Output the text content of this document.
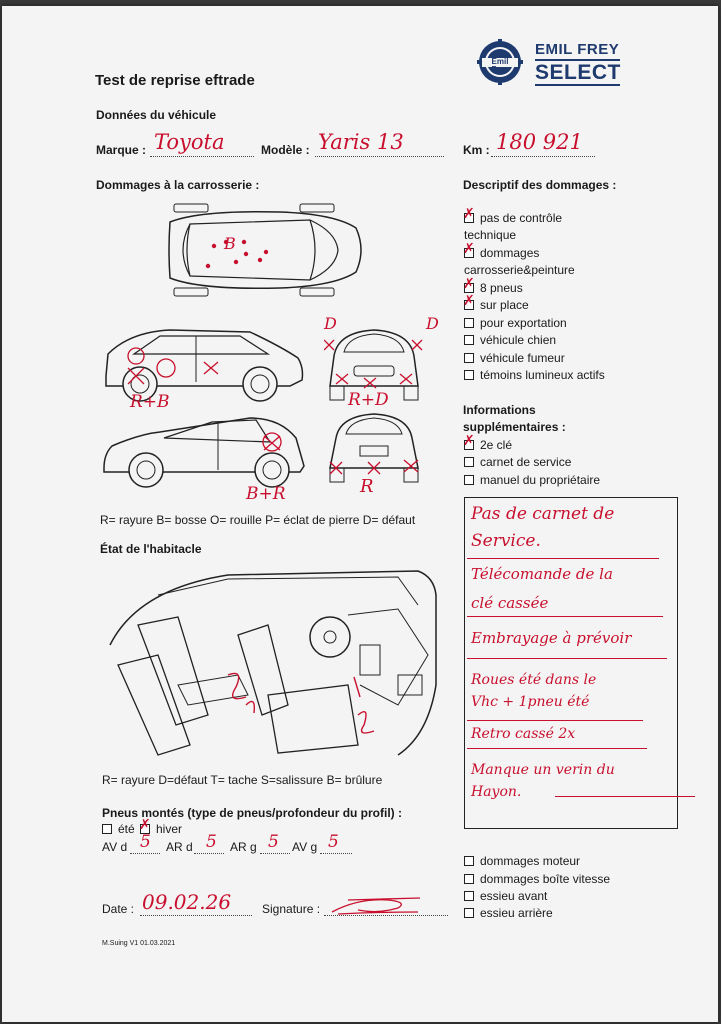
Test de reprise eftrade
Emil Frey
EMIL FREY
SELECT
Données du véhicule
Marque : Toyota	Modèle : Yaris 13	Km : 180 921
Dommages à la carrosserie :
B
R+B
D	D
R+D
B+R	R
R= rayure B= bosse O= rouille P= éclat de pierre D= défaut
Descriptif des dommages :
✗pas de contrôle
technique
✗dommages
carrosserie&peinture
✗8 pneus
✗sur place
pour exportation
véhicule chien
véhicule fumeur
témoins lumineux actifs
Informations
supplémentaires :
✗2e clé
carnet de service
manuel du propriétaire
Pas de carnet de
Service.
Télécomande de la
clé cassée
Embrayage à prévoir
Roues été dans le
Vhc + 1pneu été
Retro cassé 2x
Manque un verin du
Hayon.
État de l'habitacle
R= rayure D=défaut T= tache S=salissure B= brûlure
Pneus montés (type de pneus/profondeur du profil) :
été
✗	hiver
AV d 5 AR d 5 AR g 5 AV g 5
dommages moteur
dommages boîte vitesse
essieu avant
essieu arrière
Date : 09.02.26	Signature :
M.Suing V1 01.03.2021
